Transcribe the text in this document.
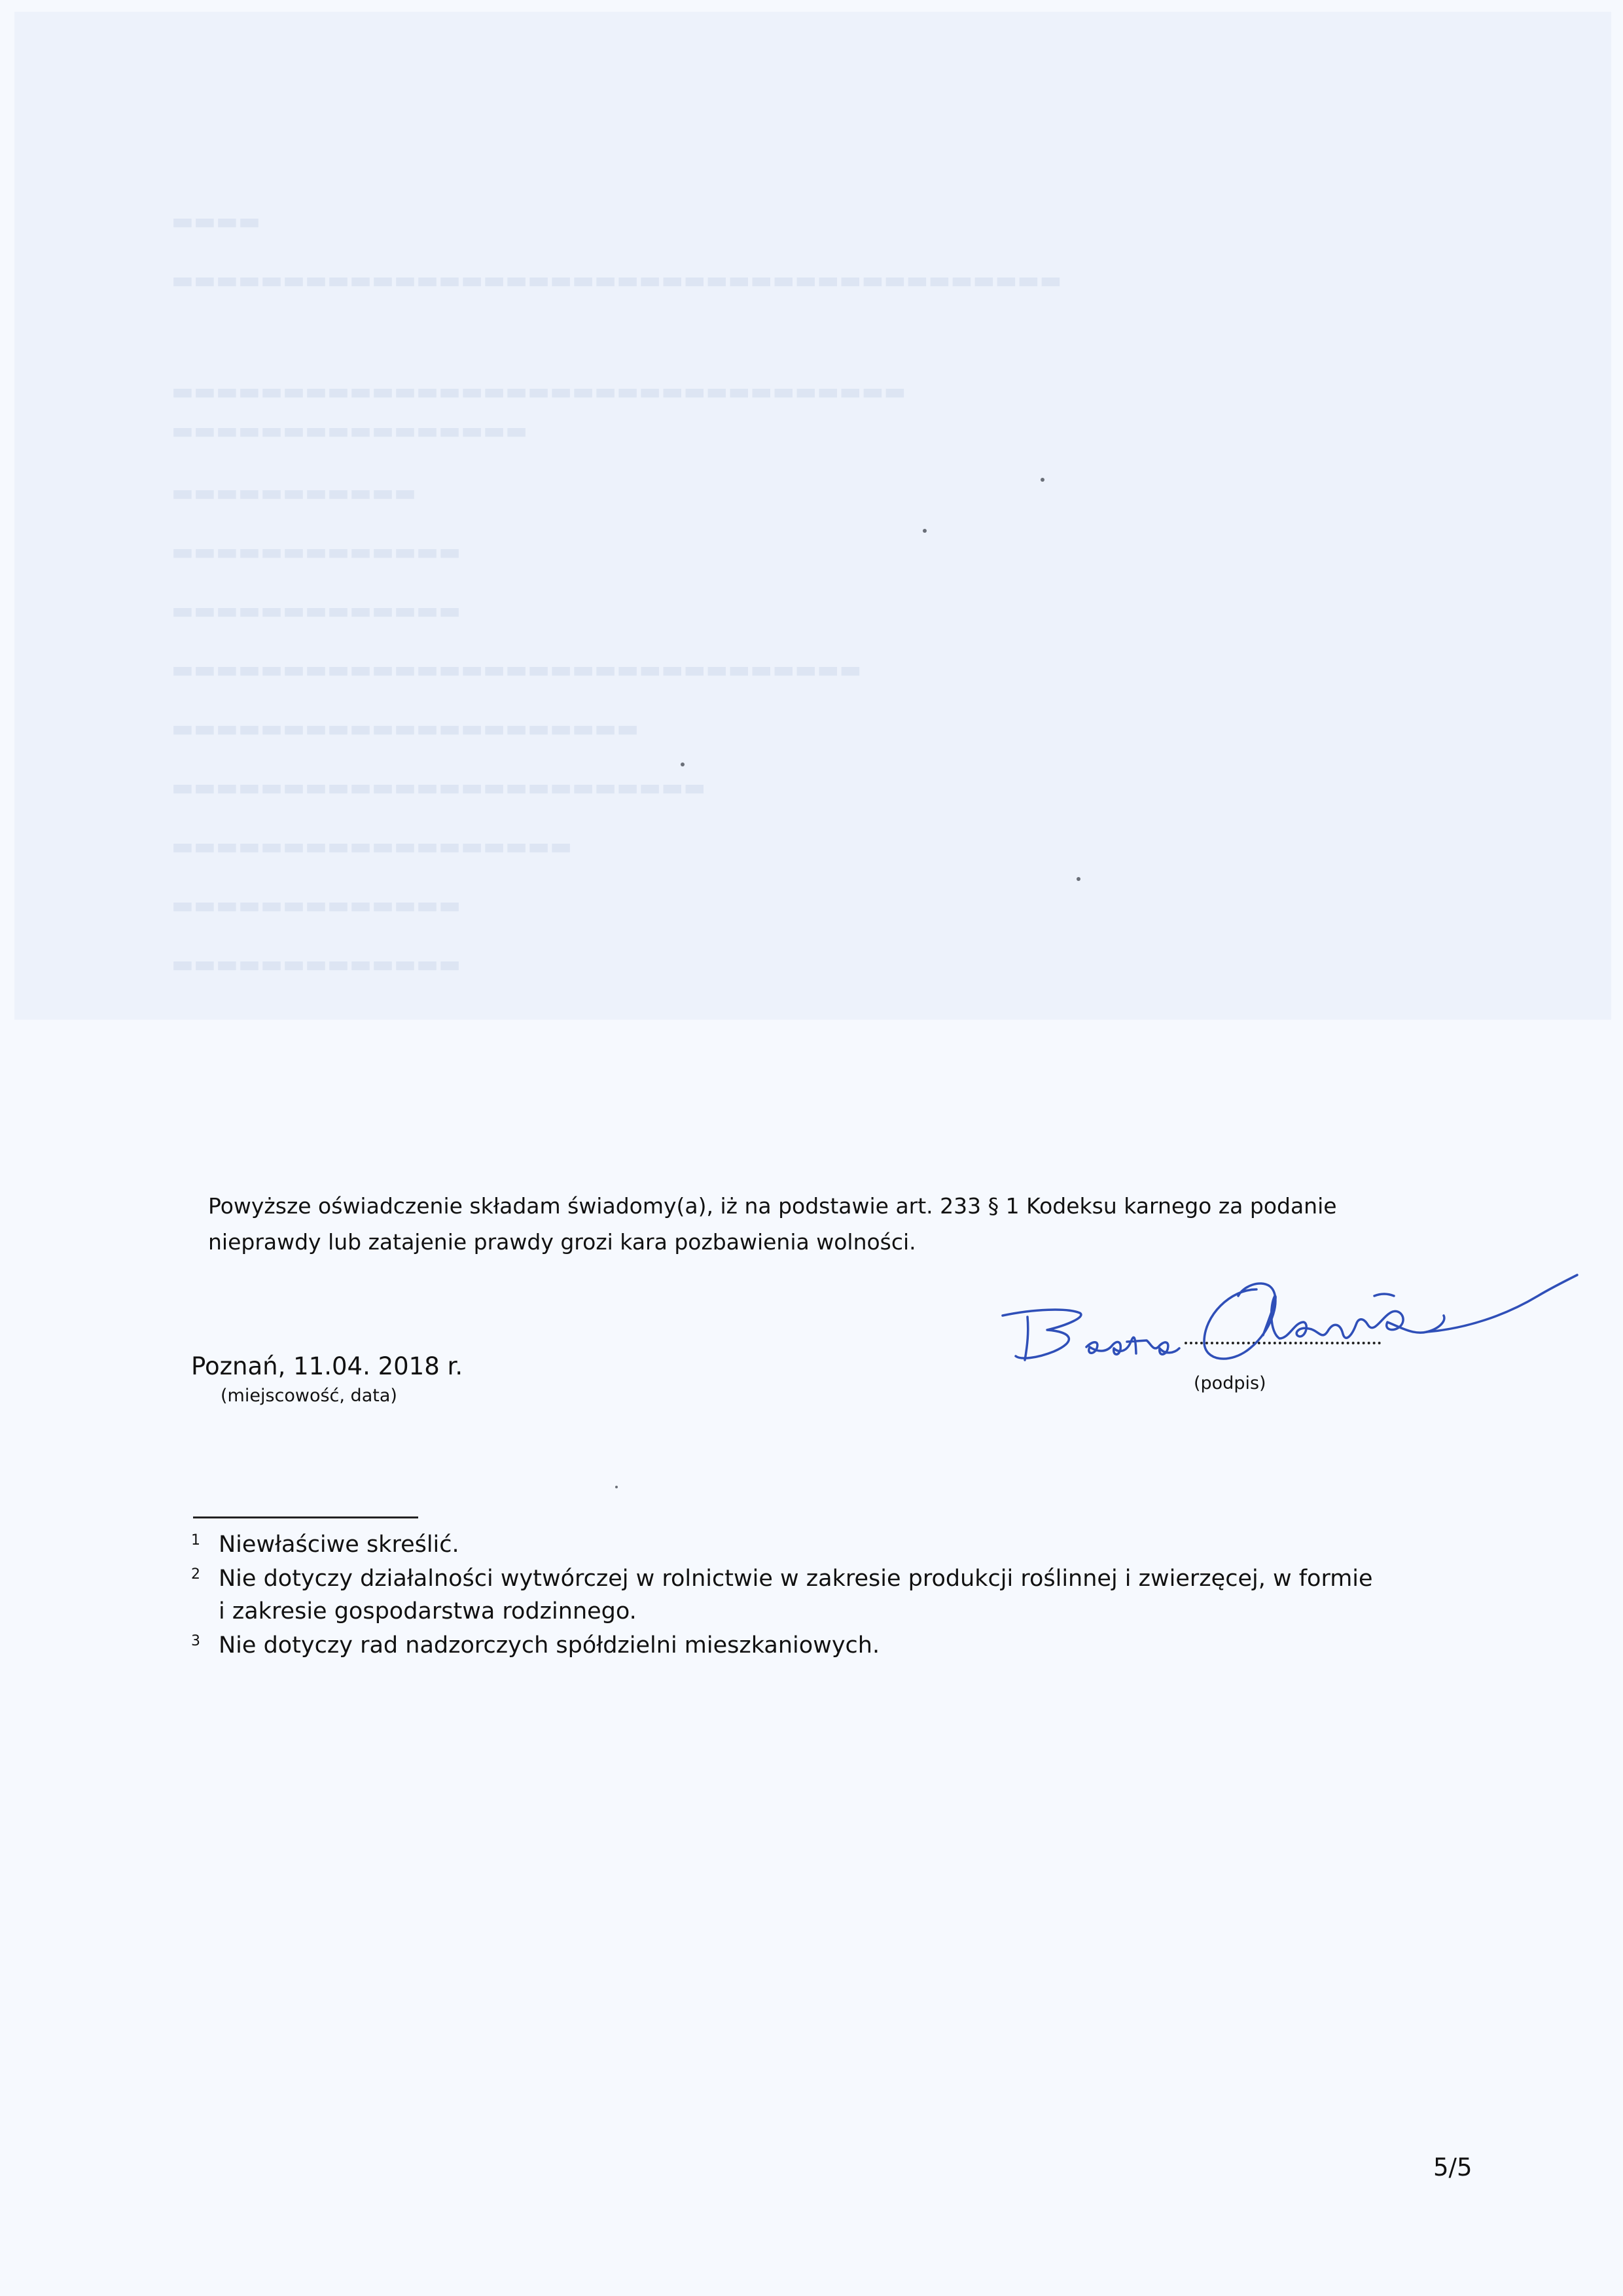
▬▬▬▬
▬▬▬▬▬▬▬▬▬▬▬▬▬▬▬▬▬▬▬▬▬▬▬▬▬▬▬▬▬▬▬▬▬▬▬▬▬▬▬▬
▬▬▬▬▬▬▬▬▬▬▬▬▬▬▬▬▬▬▬▬▬▬▬▬▬▬▬▬▬▬▬▬▬
▬▬▬▬▬▬▬▬▬▬▬▬▬▬▬▬
▬▬▬▬▬▬▬▬▬▬▬
▬▬▬▬▬▬▬▬▬▬▬▬▬
▬▬▬▬▬▬▬▬▬▬▬▬▬
▬▬▬▬▬▬▬▬▬▬▬▬▬▬▬▬▬▬▬▬▬▬▬▬▬▬▬▬▬▬▬
▬▬▬▬▬▬▬▬▬▬▬▬▬▬▬▬▬▬▬▬▬
▬▬▬▬▬▬▬▬▬▬▬▬▬▬▬▬▬▬▬▬▬▬▬▬
▬▬▬▬▬▬▬▬▬▬▬▬▬▬▬▬▬▬
▬▬▬▬▬▬▬▬▬▬▬▬▬
▬▬▬▬▬▬▬▬▬▬▬▬▬
Powyższe oświadczenie składam świadomy(a), iż na podstawie art. 233 § 1 Kodeksu karnego za podanie
nieprawdy lub zatajenie prawdy grozi kara pozbawienia wolności.
Poznań, 11.04. 2018 r.
(miejscowość, data)
(podpis)
1 Niewłaściwe skreślić.
2 Nie dotyczy działalności wytwórczej w rolnictwie w zakresie produkcji roślinnej i zwierzęcej, w formie
i zakresie gospodarstwa rodzinnego.
3 Nie dotyczy rad nadzorczych spółdzielni mieszkaniowych.
5/5
